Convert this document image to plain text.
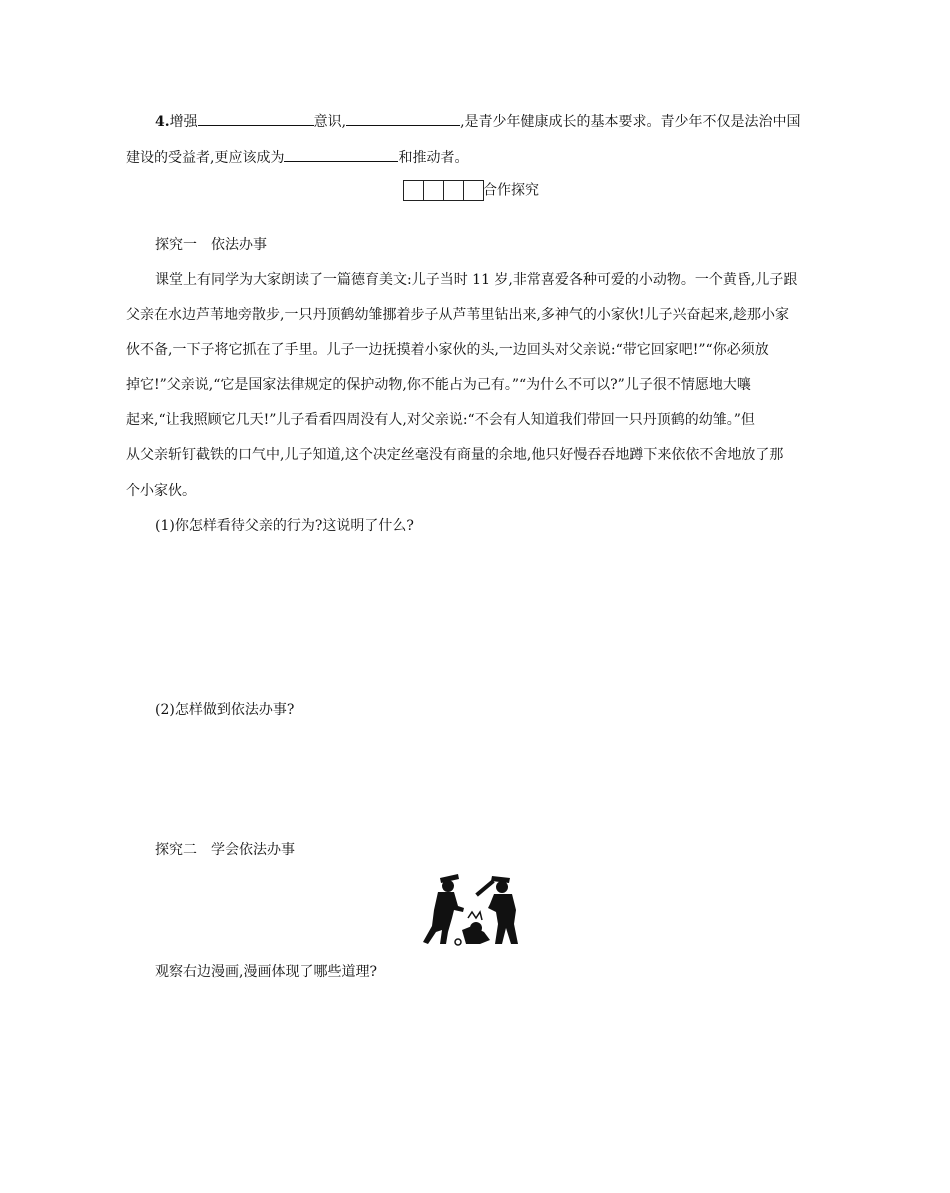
4.增强	意识,	,是青少年健康成长的基本要求。青少年不仅是法治中国
建设的受益者,更应该成为	和推动者。
合作探究
探究一　依法办事
课堂上有同学为大家朗读了一篇德育美文:儿子当时 11 岁,非常喜爱各种可爱的小动物。一个黄昏,儿子跟
父亲在水边芦苇地旁散步,一只丹顶鹤幼雏挪着步子从芦苇里钻出来,多神气的小家伙!儿子兴奋起来,趁那小家
伙不备,一下子将它抓在了手里。儿子一边抚摸着小家伙的头,一边回头对父亲说:“带它回家吧!”“你必须放
掉它!”父亲说,“它是国家法律规定的保护动物,你不能占为己有。”“为什么不可以?”儿子很不情愿地大嚷
起来,“让我照顾它几天!”儿子看看四周没有人,对父亲说:“不会有人知道我们带回一只丹顶鹤的幼雏。”但
从父亲斩钉截铁的口气中,儿子知道,这个决定丝毫没有商量的余地,他只好慢吞吞地蹲下来依依不舍地放了那
个小家伙。
(1)你怎样看待父亲的行为?这说明了什么?
(2)怎样做到依法办事?
探究二　学会依法办事
观察右边漫画,漫画体现了哪些道理?
